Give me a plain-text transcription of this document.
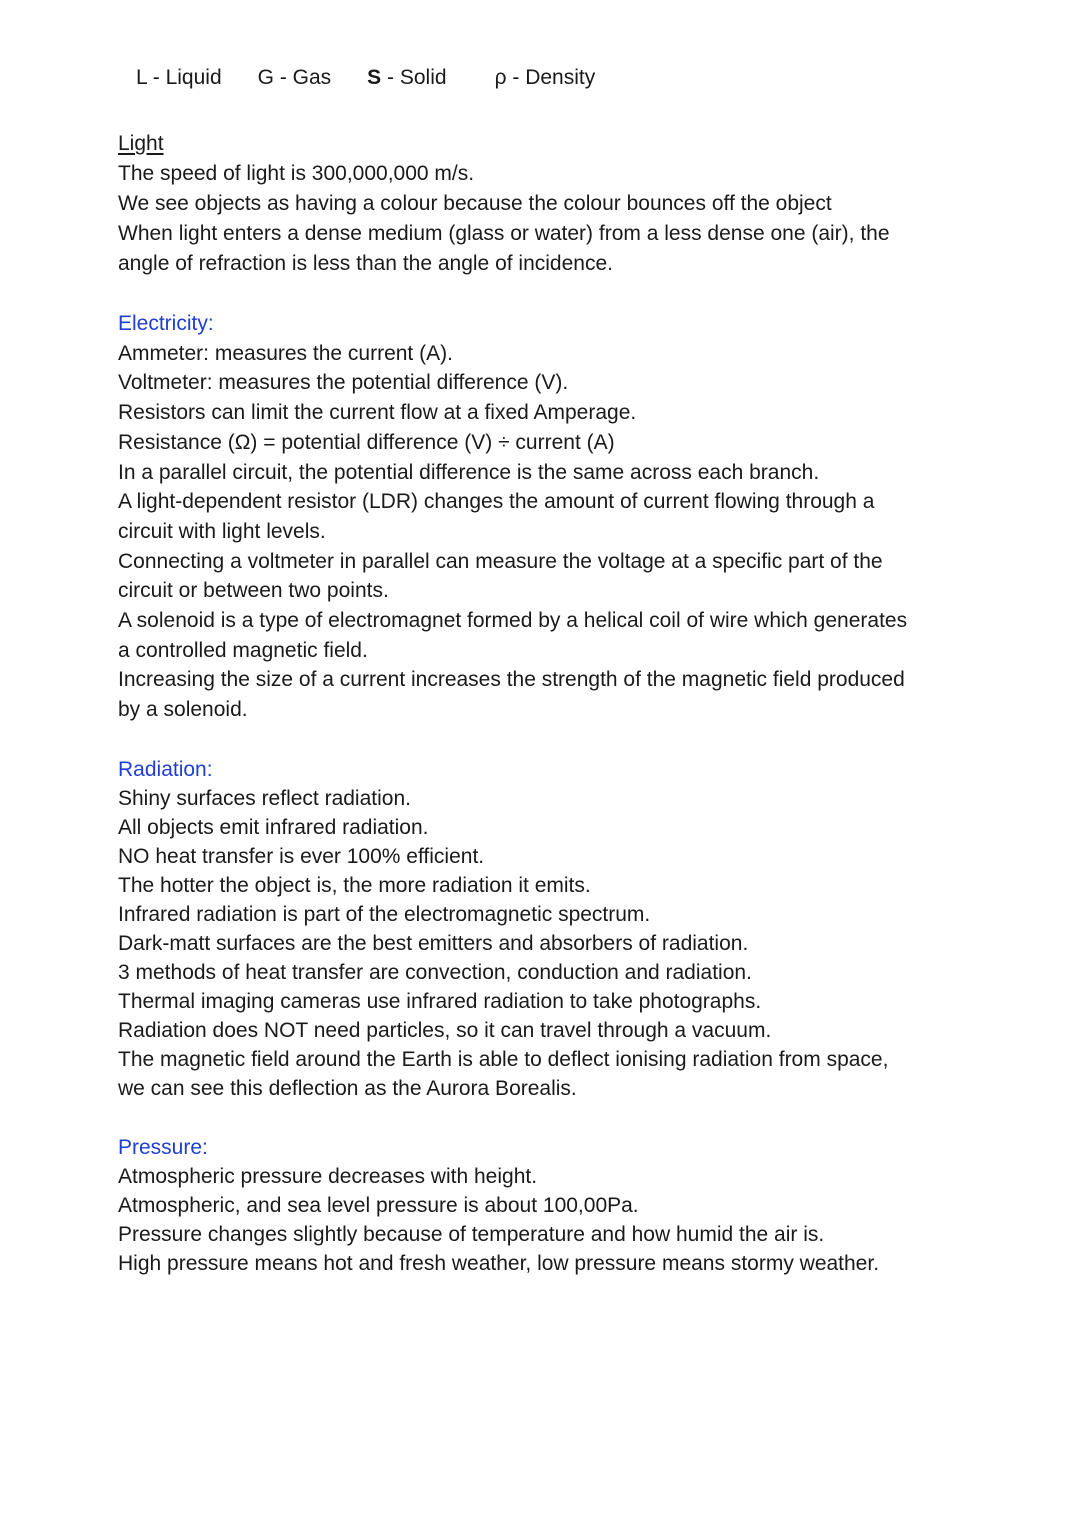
L - Liquid G - Gas S - Solid ρ - Density

Light

The speed of light is 300,000,000 m/s.

We see objects as having a colour because the colour bounces off the object

When light enters a dense medium (glass or water) from a less dense one (air), the

angle of refraction is less than the angle of incidence.

Electricity:

Ammeter: measures the current (A).

Voltmeter: measures the potential difference (V).

Resistors can limit the current flow at a fixed Amperage.

Resistance (Ω) = potential difference (V) ÷ current (A)

In a parallel circuit, the potential difference is the same across each branch.

A light-dependent resistor (LDR) changes the amount of current flowing through a

circuit with light levels.

Connecting a voltmeter in parallel can measure the voltage at a specific part of the

circuit or between two points.

A solenoid is a type of electromagnet formed by a helical coil of wire which generates

a controlled magnetic field.

Increasing the size of a current increases the strength of the magnetic field produced

by a solenoid.

Radiation:

Shiny surfaces reflect radiation.

All objects emit infrared radiation.

NO heat transfer is ever 100% efficient.

The hotter the object is, the more radiation it emits.

Infrared radiation is part of the electromagnetic spectrum.

Dark-matt surfaces are the best emitters and absorbers of radiation.

3 methods of heat transfer are convection, conduction and radiation.

Thermal imaging cameras use infrared radiation to take photographs.

Radiation does NOT need particles, so it can travel through a vacuum.

The magnetic field around the Earth is able to deflect ionising radiation from space,

we can see this deflection as the Aurora Borealis.

Pressure:

Atmospheric pressure decreases with height.

Atmospheric, and sea level pressure is about 100,00Pa.

Pressure changes slightly because of temperature and how humid the air is.

High pressure means hot and fresh weather, low pressure means stormy weather.
